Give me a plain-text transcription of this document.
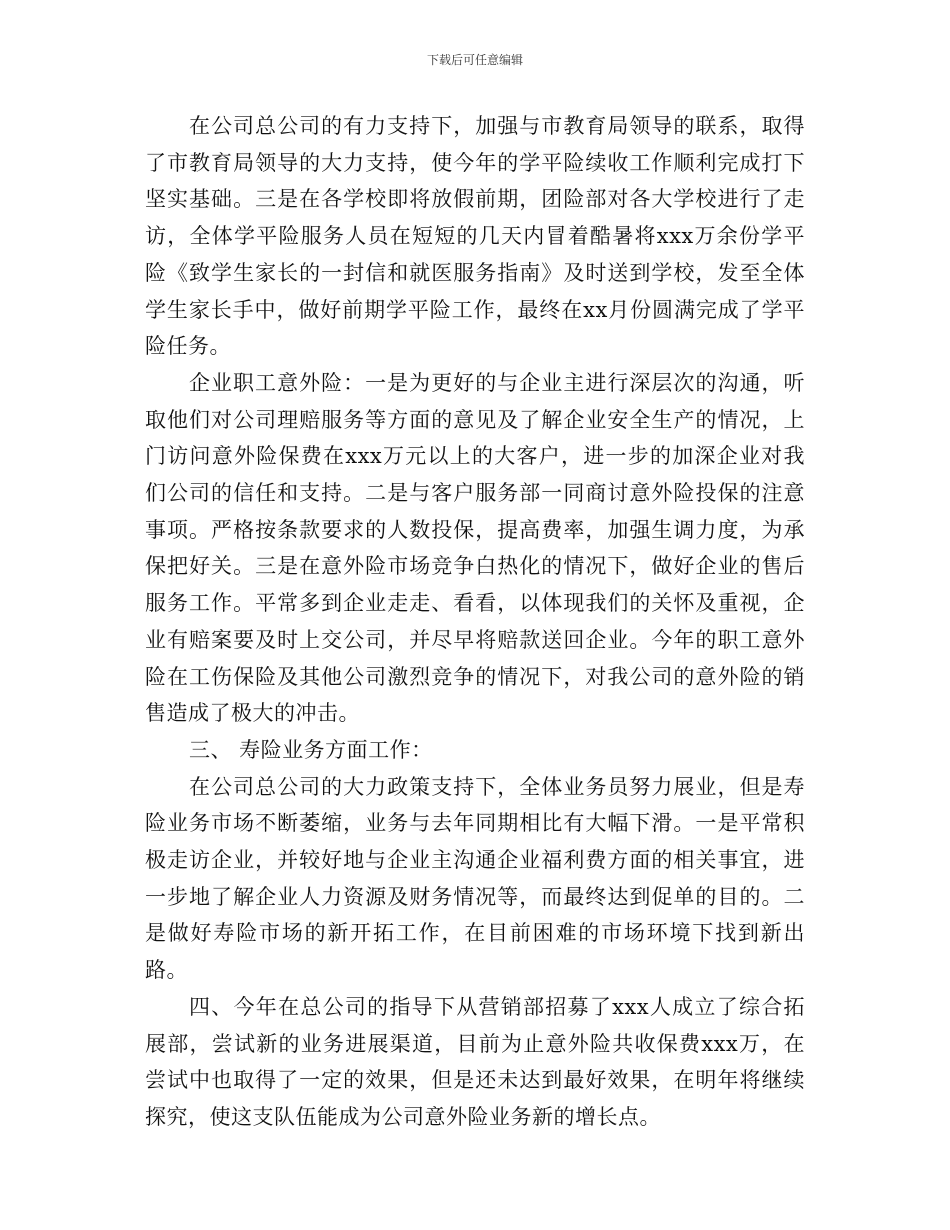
下载后可任意编辑

在公司总公司的有力支持下，加强与市教育局领导的联系，取得了市教育局领导的大力支持，使今年的学平险续收工作顺利完成打下坚实基础。三是在各学校即将放假前期，团险部对各大学校进行了走访，全体学平险服务人员在短短的几天内冒着酷暑将xxx万余份学平险《致学生家长的一封信和就医服务指南》及时送到学校，发至全体学生家长手中，做好前期学平险工作，最终在xx月份圆满完成了学平险任务。

企业职工意外险：一是为更好的与企业主进行深层次的沟通，听取他们对公司理赔服务等方面的意见及了解企业安全生产的情况，上门访问意外险保费在xxx万元以上的大客户，进一步的加深企业对我们公司的信任和支持。二是与客户服务部一同商讨意外险投保的注意事项。严格按条款要求的人数投保，提高费率，加强生调力度，为承保把好关。三是在意外险市场竞争白热化的情况下，做好企业的售后服务工作。平常多到企业走走、看看，以体现我们的关怀及重视，企业有赔案要及时上交公司，并尽早将赔款送回企业。今年的职工意外险在工伤保险及其他公司激烈竞争的情况下，对我公司的意外险的销售造成了极大的冲击。

三、 寿险业务方面工作：

在公司总公司的大力政策支持下，全体业务员努力展业，但是寿险业务市场不断萎缩，业务与去年同期相比有大幅下滑。一是平常积极走访企业，并较好地与企业主沟通企业福利费方面的相关事宜，进一步地了解企业人力资源及财务情况等，而最终达到促单的目的。二是做好寿险市场的新开拓工作，在目前困难的市场环境下找到新出路。

四、今年在总公司的指导下从营销部招募了xxx人成立了综合拓展部，尝试新的业务进展渠道，目前为止意外险共收保费xxx万，在尝试中也取得了一定的效果，但是还未达到最好效果，在明年将继续探究，使这支队伍能成为公司意外险业务新的增长点。
